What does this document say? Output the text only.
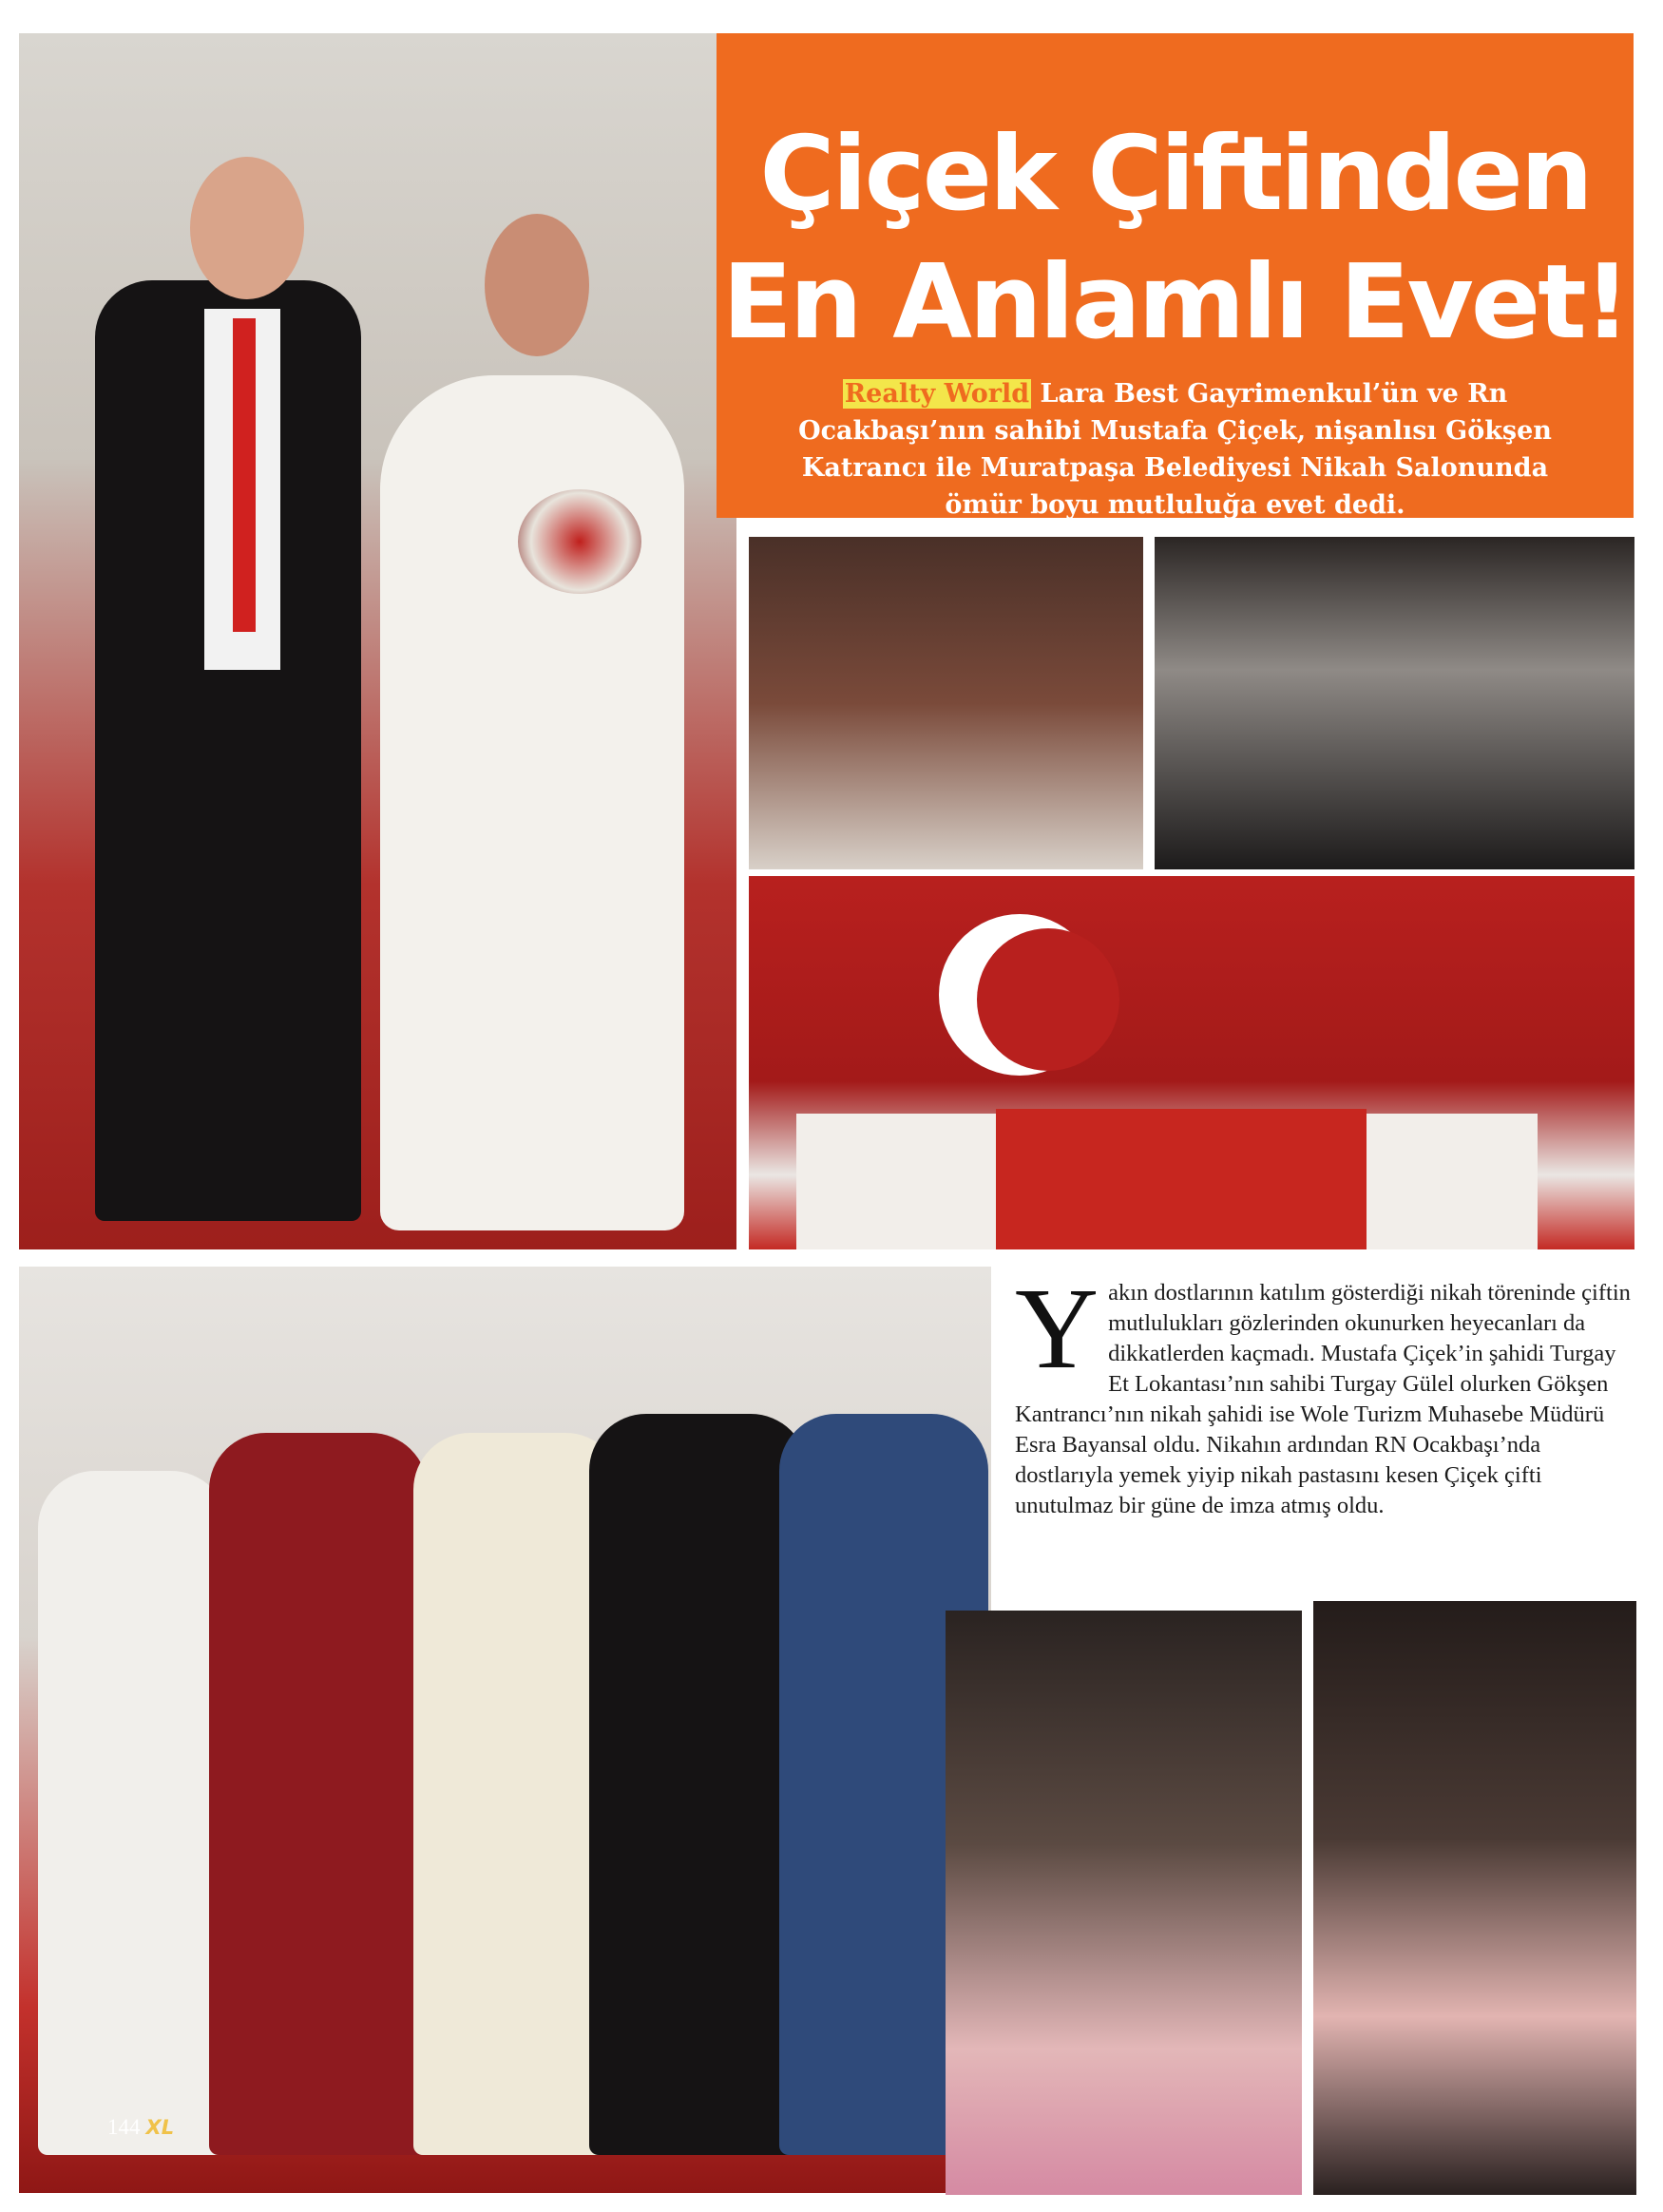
Çiçek Çiftinden
En Anlamlı Evet!
Realty World Lara Best Gayrimenkul’ün ve Rn Ocakbaşı’nın sahibi Mustafa Çiçek, nişanlısı Gökşen Katrancı ile Muratpaşa Belediyesi Nikah Salonunda ömür boyu mutluluğa evet dedi.
Yakın dostlarının katılım gösterdiği nikah töreninde çiftin mutlulukları gözlerinden okunurken heyecanları da dikkatlerden kaçmadı. Mustafa Çiçek’in şahidi Turgay Et Lokantası’nın sahibi Turgay Gülel olurken Gökşen Kantrancı’nın nikah şahidi ise Wole Turizm Muhasebe Müdürü Esra Bayansal oldu. Nikahın ardından RN Ocakbaşı’nda dostlarıyla yemek yiyip nikah pastasını kesen Çiçek çifti unutulmaz bir güne de imza atmış oldu.
144 XL
